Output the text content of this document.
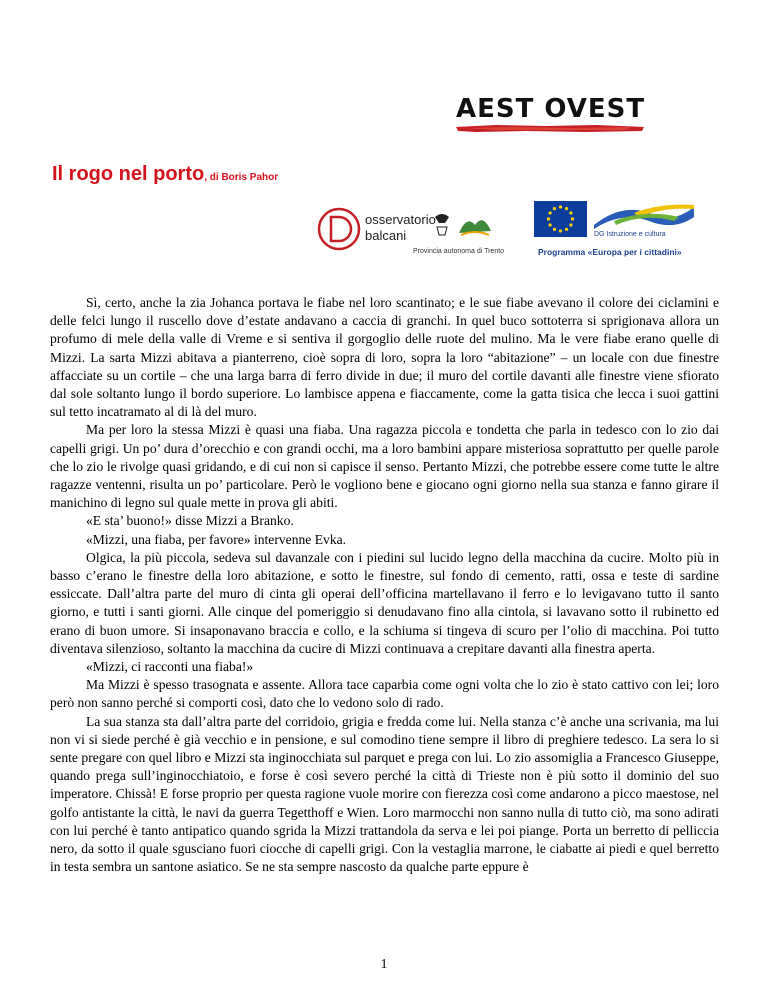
AEST OVEST
Il rogo nel porto, di Boris Pahor
osservatorio
balcani
Provincia autonoma di Trento
DG Istruzione e cultura
Programma «Europa per i cittadini»

Sì, certo, anche la zia Johanca portava le fiabe nel loro scantinato; e le sue fiabe avevano il colore dei ciclamini e delle felci lungo il ruscello dove d’estate andavano a caccia di granchi. In quel buco sottoterra si sprigionava allora un profumo di mele della valle di Vreme e si sentiva il gorgoglio delle ruote del mulino. Ma le vere fiabe erano quelle di Mizzi. La sarta Mizzi abitava a pianterreno, cioè sopra di loro, sopra la loro “abitazione” – un locale con due finestre affacciate su un cortile – che una larga barra di ferro divide in due; il muro del cortile davanti alle finestre viene sfiorato dal sole soltanto lungo il bordo superiore. Lo lambisce appena e fiaccamente, come la gatta tisica che lecca i suoi gattini sul tetto incatramato al di là del muro.

Ma per loro la stessa Mizzi è quasi una fiaba. Una ragazza piccola e tondetta che parla in tedesco con lo zio dai capelli grigi. Un po’ dura d’orecchio e con grandi occhi, ma a loro bambini appare misteriosa soprattutto per quelle parole che lo zio le rivolge quasi gridando, e di cui non si capisce il senso. Pertanto Mizzi, che potrebbe essere come tutte le altre ragazze ventenni, risulta un po’ particolare. Però le vogliono bene e giocano ogni giorno nella sua stanza e fanno girare il manichino di legno sul quale mette in prova gli abiti.

«E sta’ buono!» disse Mizzi a Branko.

«Mizzi, una fiaba, per favore» intervenne Evka.

Olgica, la più piccola, sedeva sul davanzale con i piedini sul lucido legno della macchina da cucire. Molto più in basso c’erano le finestre della loro abitazione, e sotto le finestre, sul fondo di cemento, ratti, ossa e teste di sardine essiccate. Dall’altra parte del muro di cinta gli operai dell’officina martellavano il ferro e lo levigavano tutto il santo giorno, e tutti i santi giorni. Alle cinque del pomeriggio si denudavano fino alla cintola, si lavavano sotto il rubinetto ed erano di buon umore. Si insaponavano braccia e collo, e la schiuma si tingeva di scuro per l’olio di macchina. Poi tutto diventava silenzioso, soltanto la macchina da cucire di Mizzi continuava a crepitare davanti alla finestra aperta.

«Mizzi, ci racconti una fiaba!»

Ma Mizzi è spesso trasognata e assente. Allora tace caparbia come ogni volta che lo zio è stato cattivo con lei; loro però non sanno perché si comporti così, dato che lo vedono solo di rado.

La sua stanza sta dall’altra parte del corridoio, grigia e fredda come lui. Nella stanza c’è anche una scrivania, ma lui non vi si siede perché è già vecchio e in pensione, e sul comodino tiene sempre il libro di preghiere tedesco. La sera lo si sente pregare con quel libro e Mizzi sta inginocchiata sul parquet e prega con lui. Lo zio assomiglia a Francesco Giuseppe, quando prega sull’inginocchiatoio, e forse è così severo perché la città di Trieste non è più sotto il dominio del suo imperatore. Chissà! E forse proprio per questa ragione vuole morire con fierezza così come andarono a picco maestose, nel golfo antistante la città, le navi da guerra Tegetthoff e Wien. Loro marmocchi non sanno nulla di tutto ciò, ma sono adirati con lui perché è tanto antipatico quando sgrida la Mizzi trattandola da serva e lei poi piange. Porta un berretto di pelliccia nero, da sotto il quale sgusciano fuori ciocche di capelli grigi. Con la vestaglia marrone, le ciabatte ai piedi e quel berretto in testa sembra un santone asiatico. Se ne sta sempre nascosto da qualche parte eppure è

1
